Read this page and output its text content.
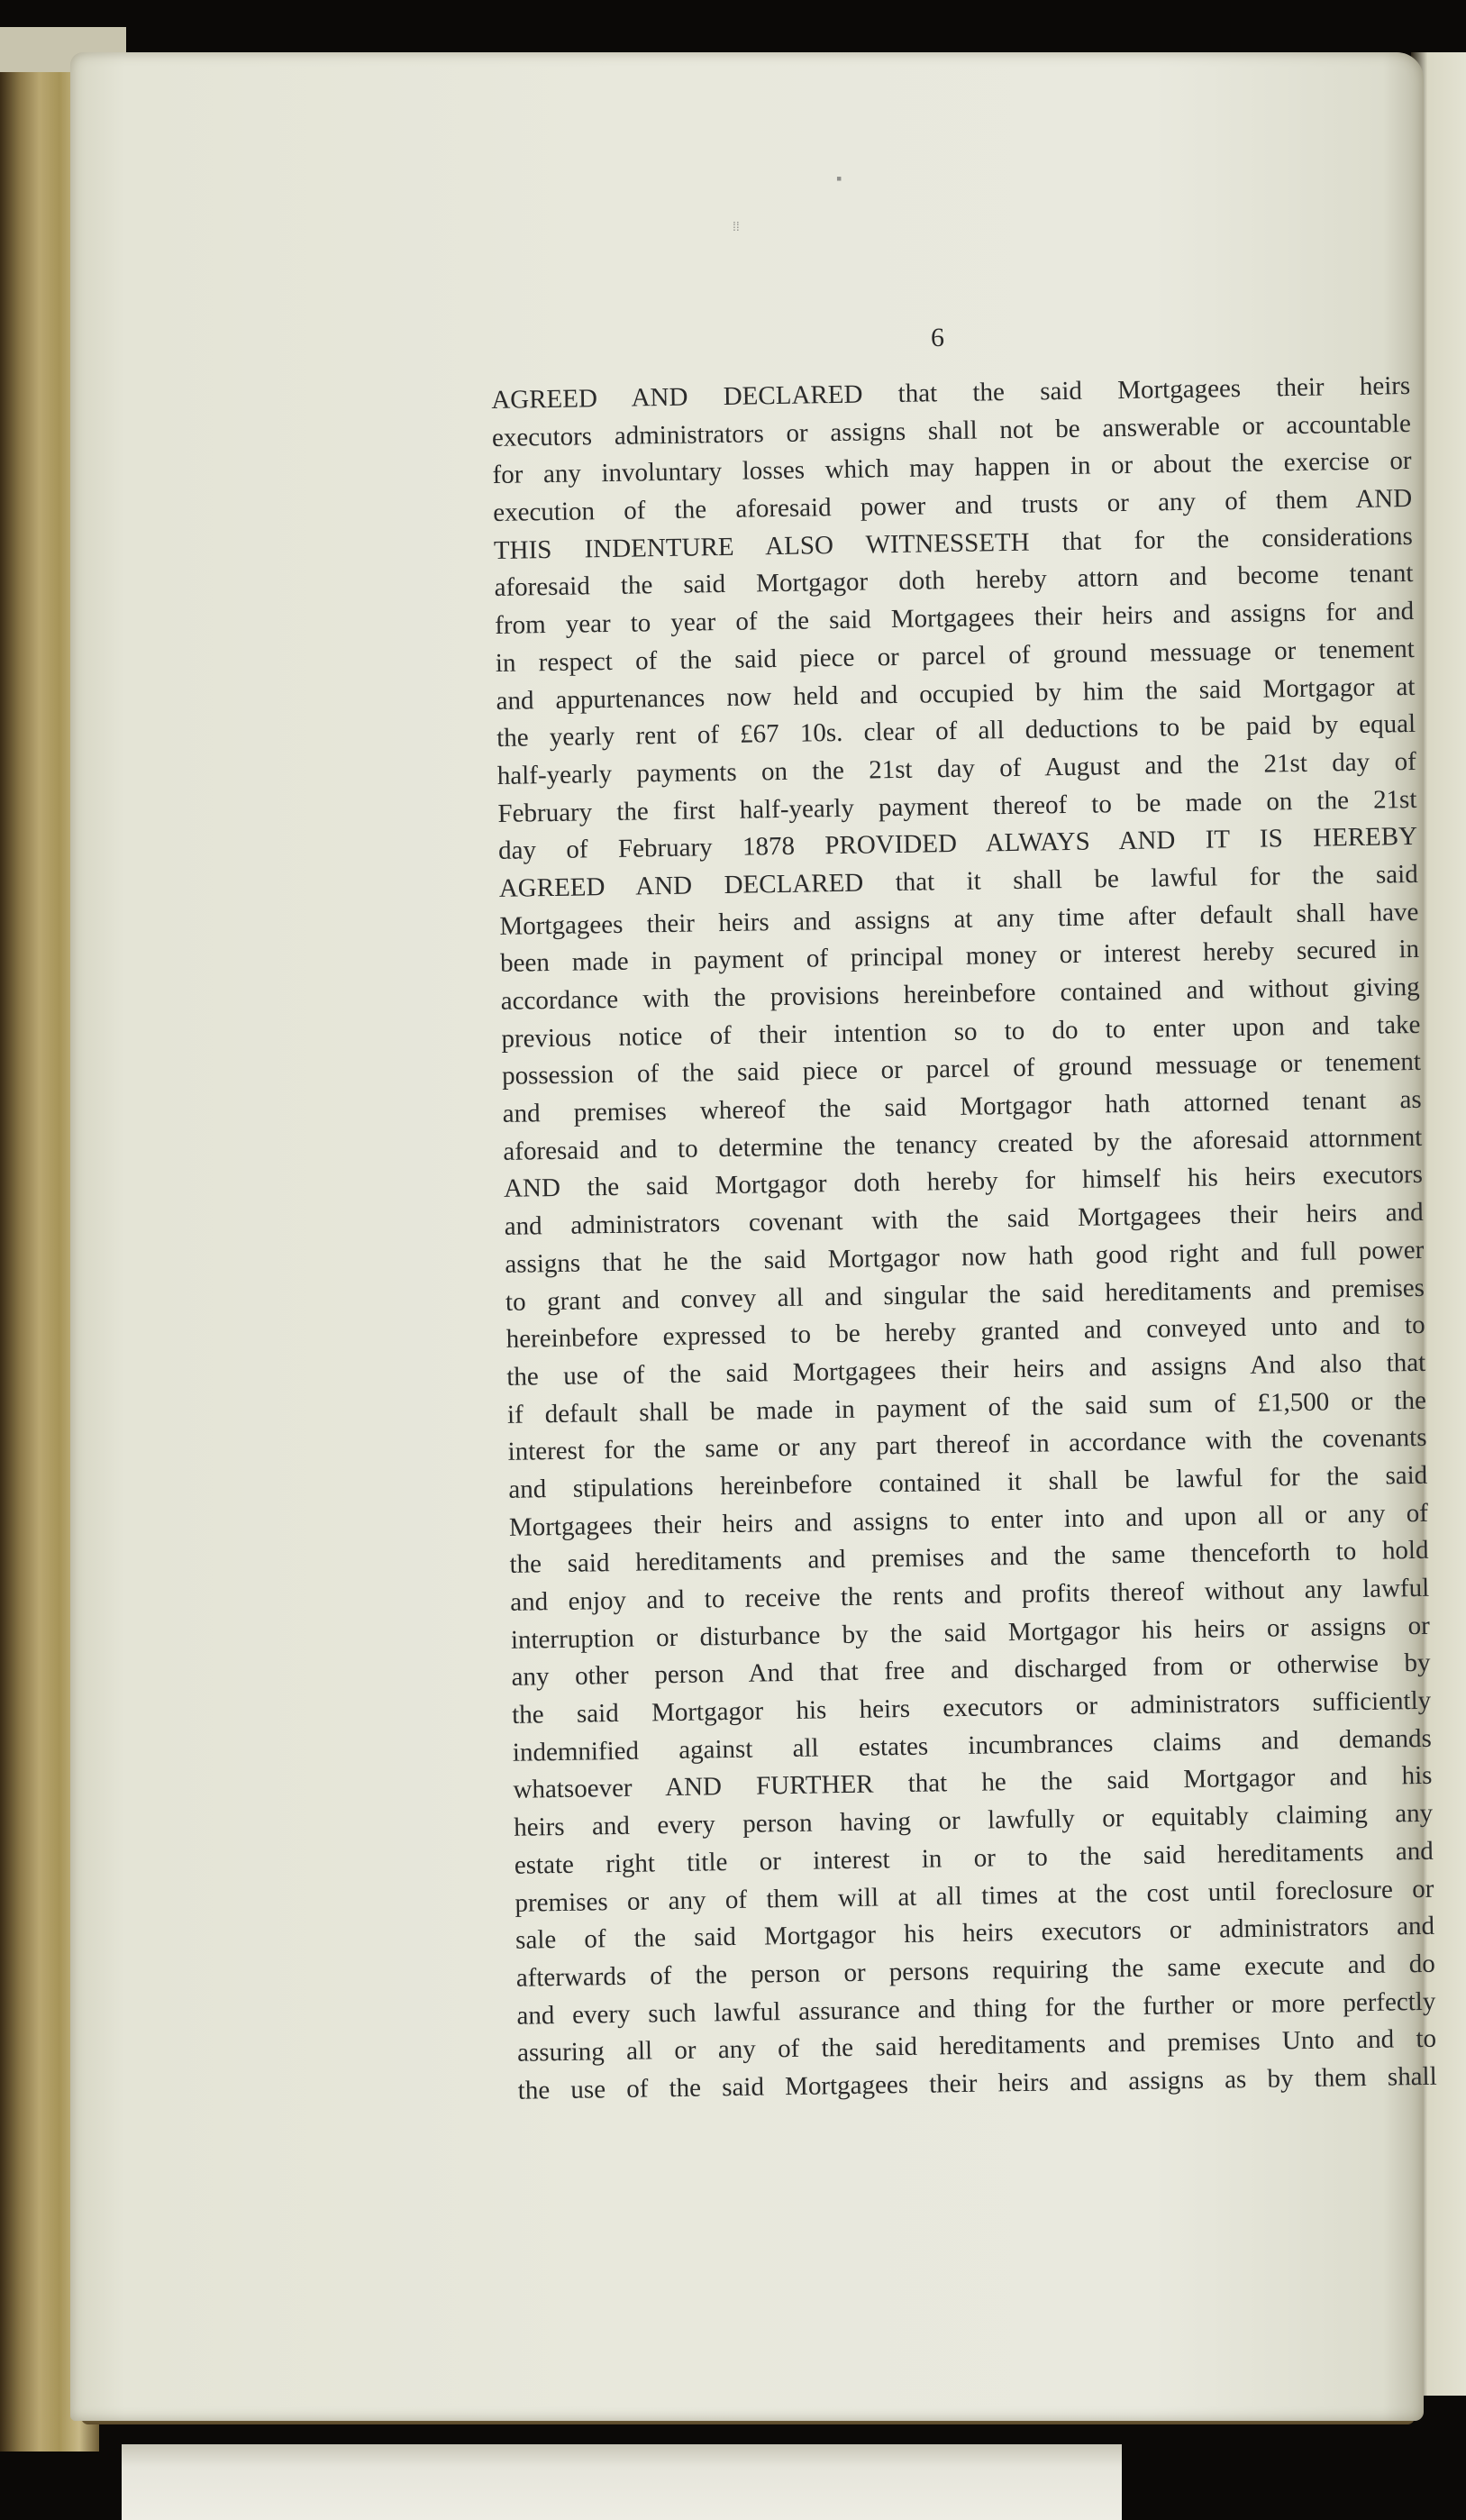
▪
⁞⁞
6
AGREED AND DECLARED that the said Mortgagees their heirs
executors administrators or assigns shall not be answerable or accountable
for any involuntary losses which may happen in or about the exercise or
execution of the aforesaid power and trusts or any of them AND
THIS INDENTURE ALSO WITNESSETH that for the considerations
aforesaid the said Mortgagor doth hereby attorn and become tenant
from year to year of the said Mortgagees their heirs and assigns for and
in respect of the said piece or parcel of ground messuage or tenement
and appurtenances now held and occupied by him the said Mortgagor at
the yearly rent of £67 10s. clear of all deductions to be paid by equal
half-yearly payments on the 21st day of August and the 21st day of
February the first half-yearly payment thereof to be made on the 21st
day of February 1878 PROVIDED ALWAYS AND IT IS HEREBY
AGREED AND DECLARED that it shall be lawful for the said
Mortgagees their heirs and assigns at any time after default shall have
been made in payment of principal money or interest hereby secured in
accordance with the provisions hereinbefore contained and without giving
previous notice of their intention so to do to enter upon and take
possession of the said piece or parcel of ground messuage or tenement
and premises whereof the said Mortgagor hath attorned tenant as
aforesaid and to determine the tenancy created by the aforesaid attornment
AND the said Mortgagor doth hereby for himself his heirs executors
and administrators covenant with the said Mortgagees their heirs and
assigns that he the said Mortgagor now hath good right and full power
to grant and convey all and singular the said hereditaments and premises
hereinbefore expressed to be hereby granted and conveyed unto and to
the use of the said Mortgagees their heirs and assigns And also that
if default shall be made in payment of the said sum of £1,500 or the
interest for the same or any part thereof in accordance with the covenants
and stipulations hereinbefore contained it shall be lawful for the said
Mortgagees their heirs and assigns to enter into and upon all or any of
the said hereditaments and premises and the same thenceforth to hold
and enjoy and to receive the rents and profits thereof without any lawful
interruption or disturbance by the said Mortgagor his heirs or assigns or
any other person And that free and discharged from or otherwise by
the said Mortgagor his heirs executors or administrators sufficiently
indemnified against all estates incumbrances claims and demands
whatsoever AND FURTHER that he the said Mortgagor and his
heirs and every person having or lawfully or equitably claiming any
estate right title or interest in or to the said hereditaments and
premises or any of them will at all times at the cost until foreclosure or
sale of the said Mortgagor his heirs executors or administrators and
afterwards of the person or persons requiring the same execute and do
and every such lawful assurance and thing for the further or more perfectly
assuring all or any of the said hereditaments and premises Unto and to
the use of the said Mortgagees their heirs and assigns as by them shall
